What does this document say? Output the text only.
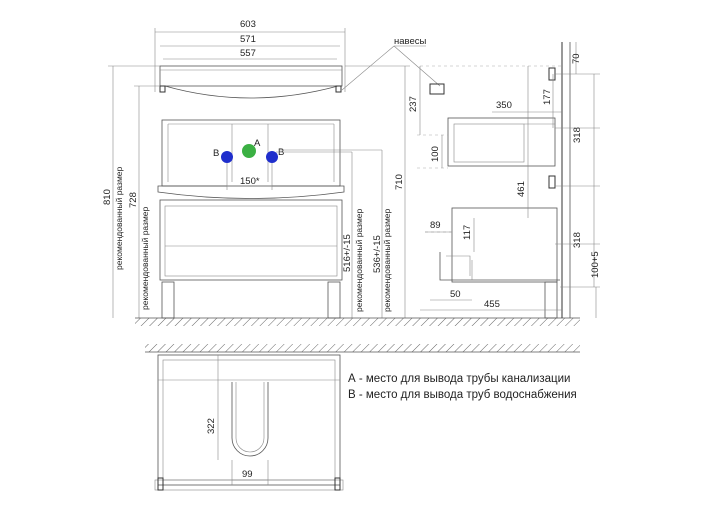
603
571
557
B
A
B
150*
810 рекомендованный размер 728
рекомендованный размер	516+/-15 рекомендованный размер 536+/-15 рекомендованный размер
710
навесы
237
100
350
461
89 117
50
455
70
177
318
318
100+5
322
99
А - место для вывода трубы канализации
В - место для вывода труб водоснабжения
